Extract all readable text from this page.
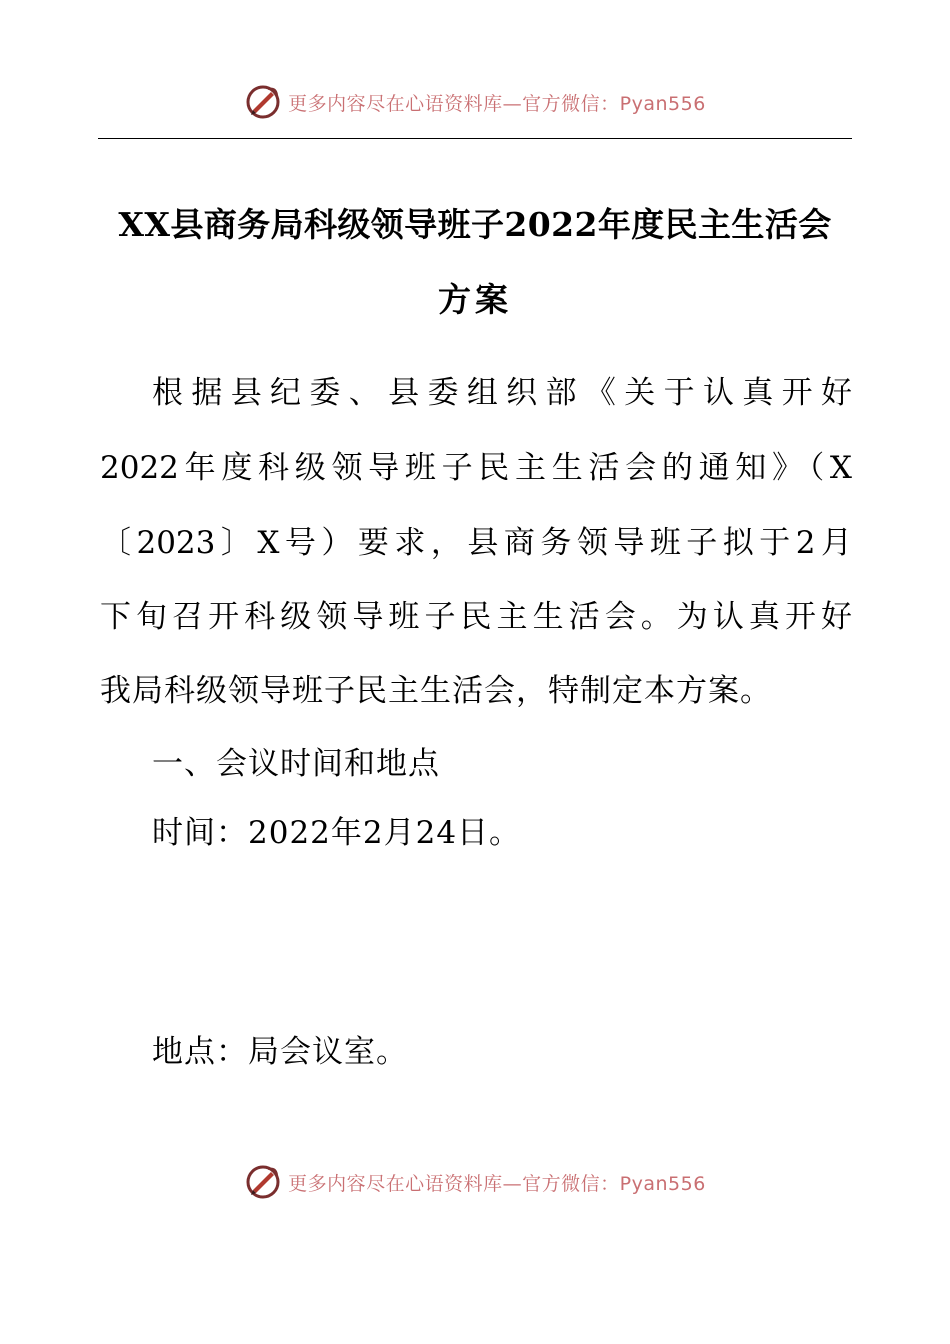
更多内容尽在心语资料库—官方微信：Pyan556
XX县商务局科级领导班子2022年度民主生活会
方案

根据县纪委、县委组织部《关于认真开好

2022年度科级领导班子民主生活会的通知》（X

〔2023〕X号）要求，县商务领导班子拟于2月

下旬召开科级领导班子民主生活会。为认真开好

我局科级领导班子民主生活会，特制定本方案。

一、会议时间和地点

时间：2022年2月24日。

地点：局会议室。

更多内容尽在心语资料库—官方微信：Pyan556
